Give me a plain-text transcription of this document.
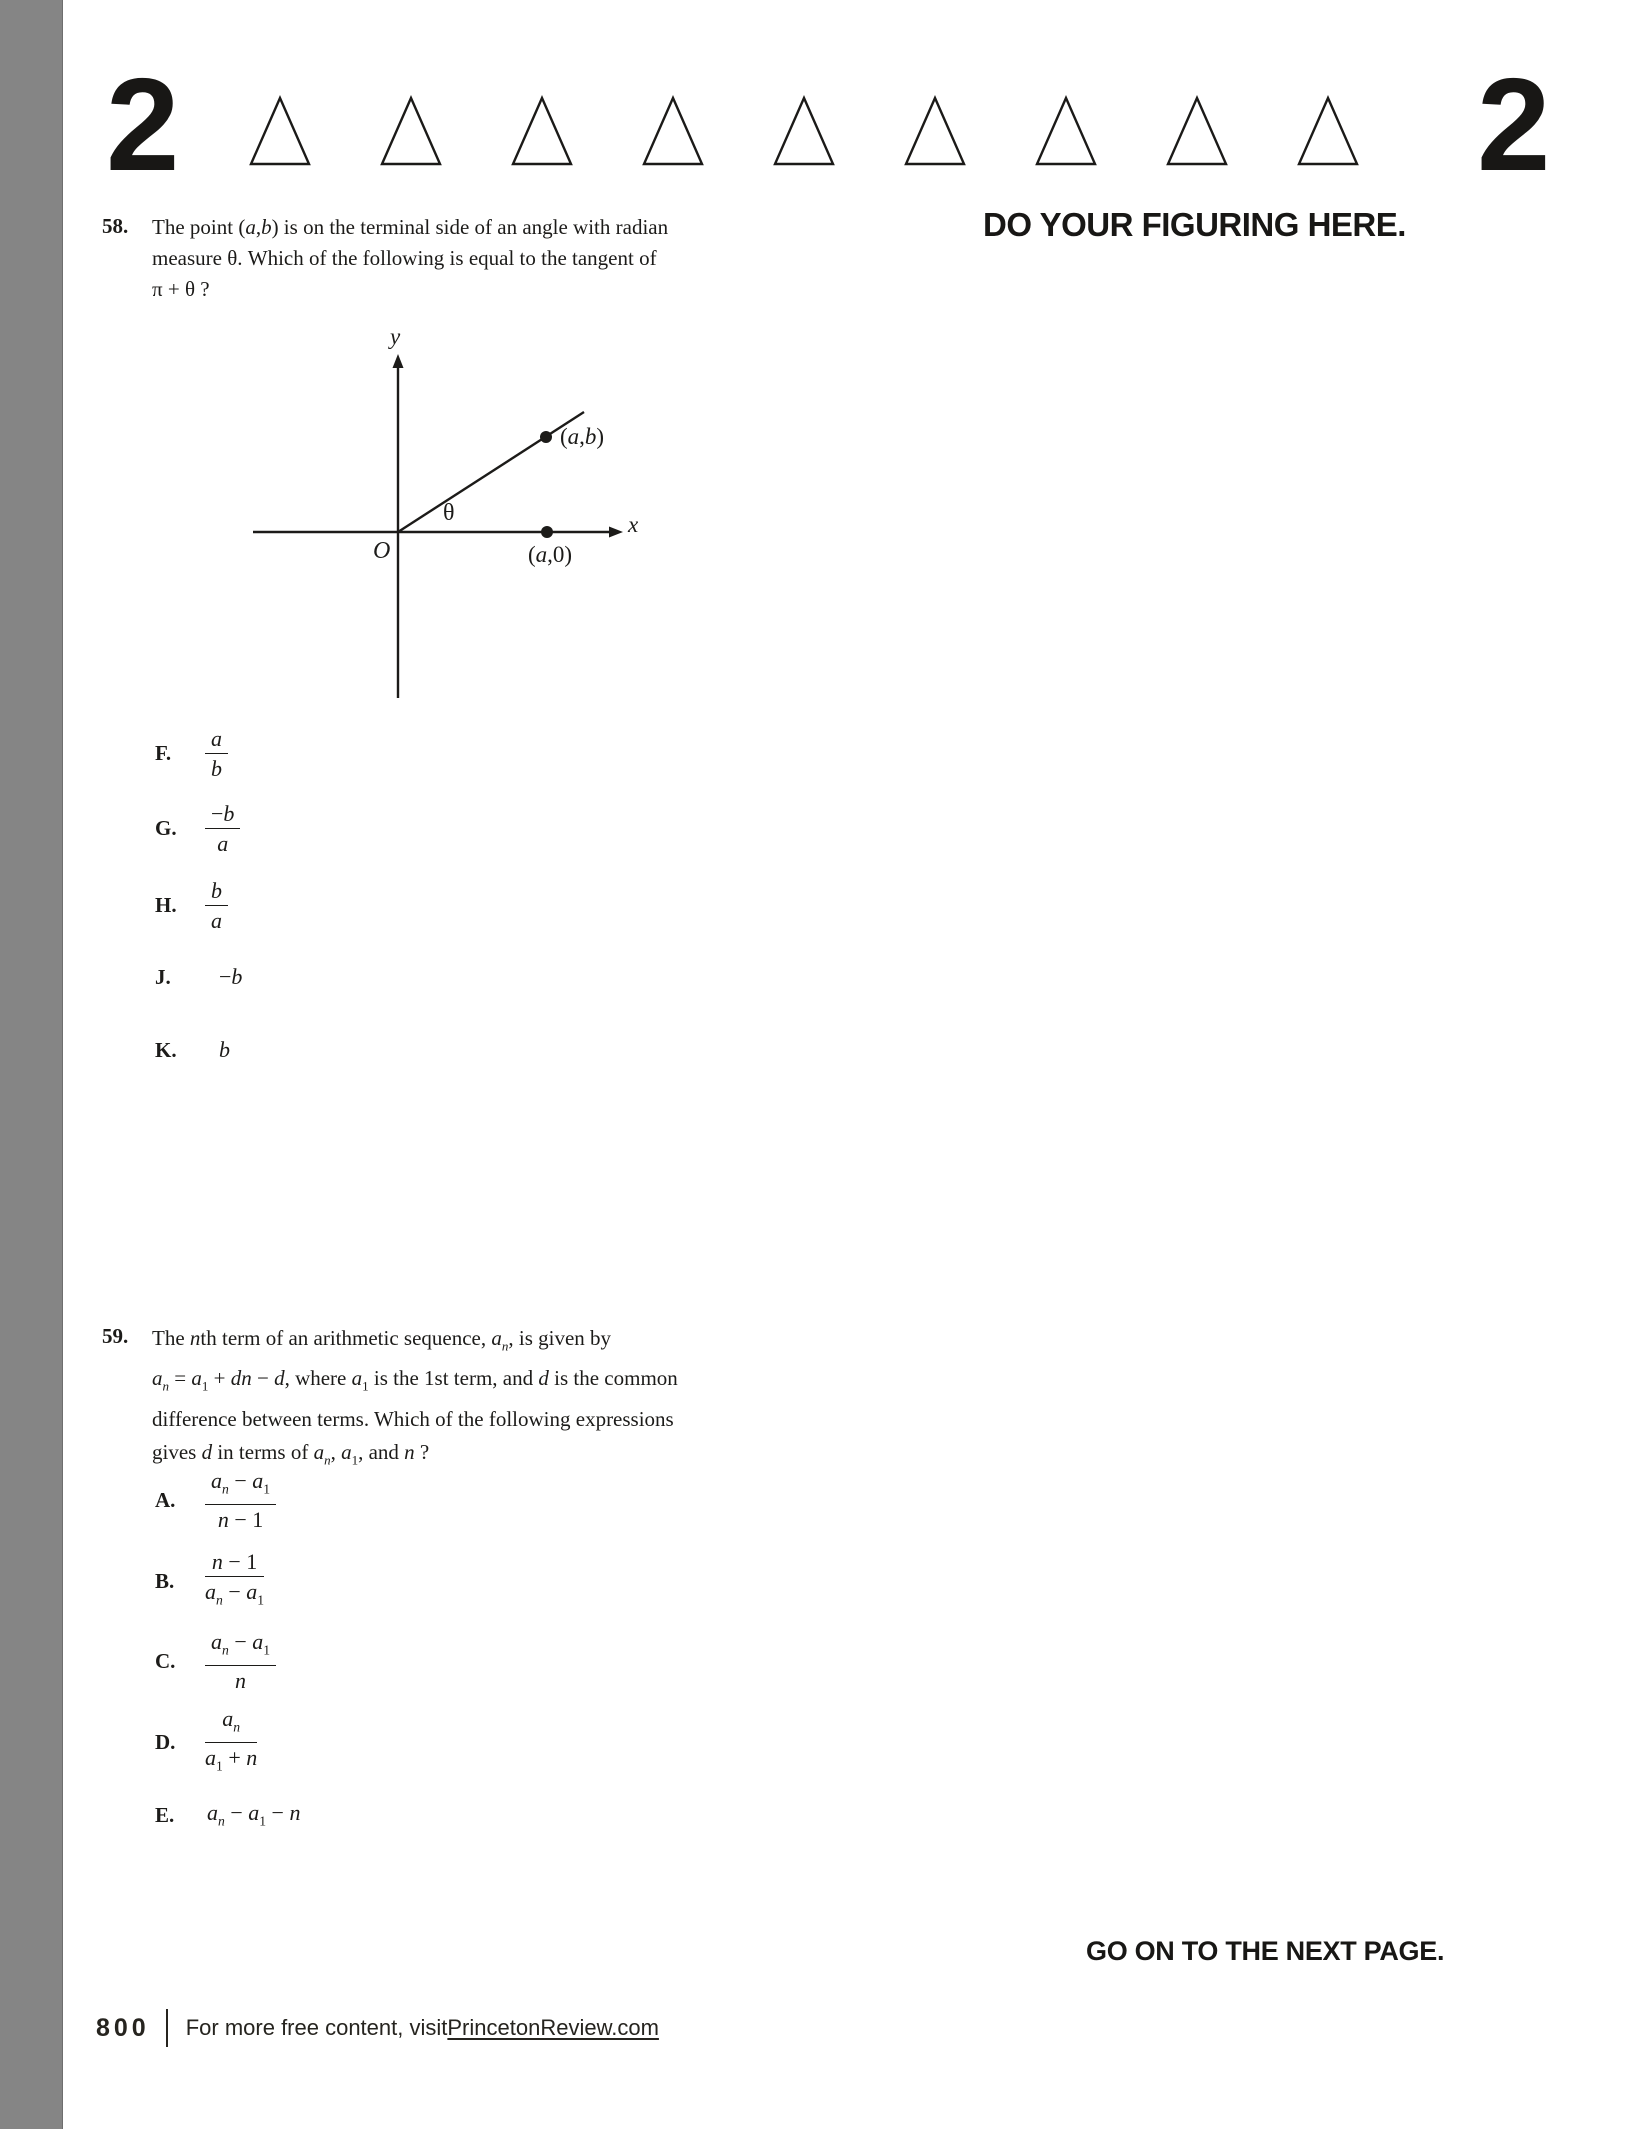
2	2
DO YOUR FIGURING HERE.
58. The point (a,b) is on the terminal side of an angle with radian
measure θ. Which of the following is equal to the tangent of
π + θ ?
y
x
O
θ
(a,b)
(a,0)
F.	$\frac{a}{b}$
G.	$\frac{-b}{a}$
H.	$\frac{b}{a}$
J.	−b
K.	b
59. The nth term of an arithmetic sequence, $a_n$, is given by
$a_n = a_1$ + dn − d, where $a_1$ is the 1st term, and d is the common
difference between terms. Which of the following expressions
gives d in terms of $a_n$, $a_1$, and n ?
A.	$\frac{a_n - a_1}{n - 1}$
B.	$\frac{n - 1}{a_n - a_1}$
C.	$\frac{a_n - a_1}{n}$
D.	$\frac{a_n}{a_1 + n}$
E.	$a_n - a_1 - n$
GO ON TO THE NEXT PAGE.
800 For more free content, visit PrincetonReview.com
